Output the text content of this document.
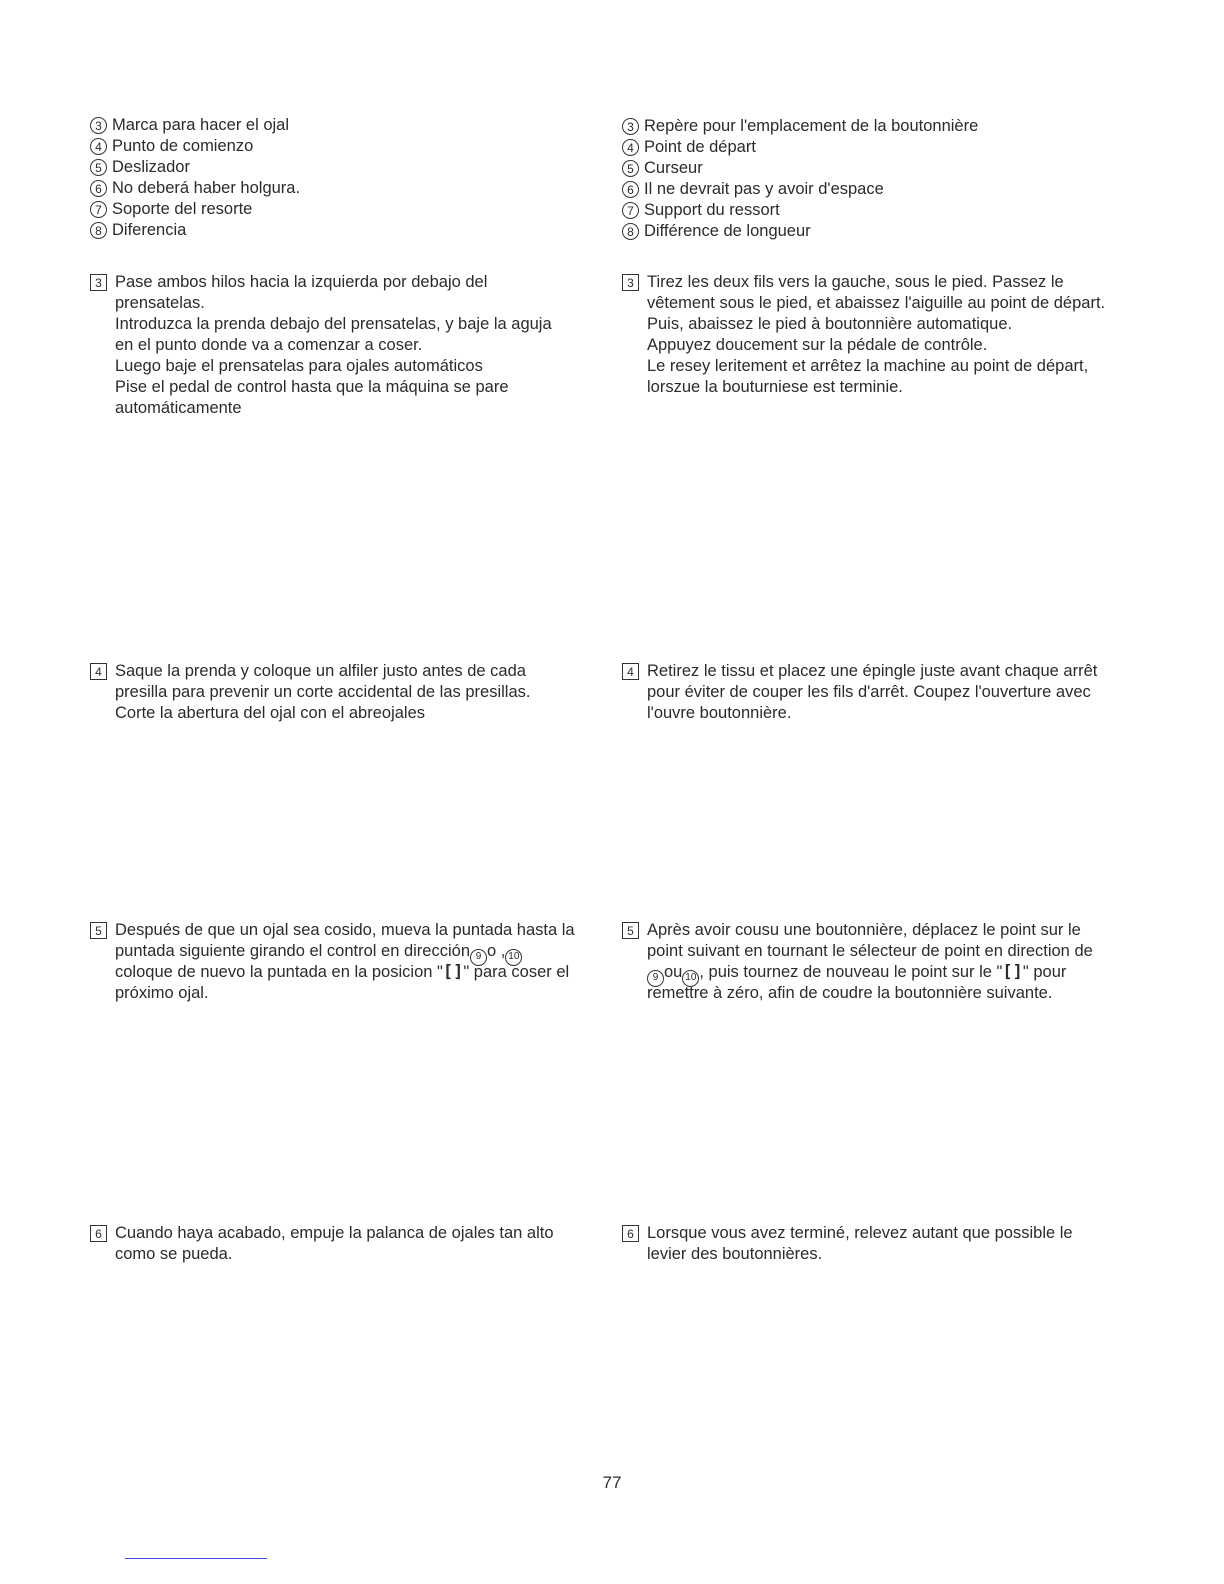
3 Marca para hacer el ojal
4 Punto de comienzo
5 Deslizador
6 No deberá haber holgura.
7 Soporte del resorte
8 Diferencia
3 Pase ambos hilos hacia la izquierda por debajo del
prensatelas.
Introduzca la prenda debajo del prensatelas, y baje la aguja
en el punto donde va a comenzar a coser.
Luego baje el prensatelas para ojales automáticos
Pise el pedal de control hasta que la máquina se pare
automáticamente
4 Saque la prenda y coloque un alfiler justo antes de cada
presilla para prevenir un corte accidental de las presillas.
Corte la abertura del ojal con el abreojales
5 Después de que un ojal sea cosido, mueva la puntada hasta la
puntada siguiente girando el control en dirección 9 o , 10
coloque de nuevo la puntada en la posicion "[]" para coser el
próximo ojal.
6 Cuando haya acabado, empuje la palanca de ojales tan alto
como se pueda.
3 Repère pour l'emplacement de la boutonnière
4 Point de départ
5 Curseur
6 Il ne devrait pas y avoir d'espace
7 Support du ressort
8 Différence de longueur
3 Tirez les deux fils vers la gauche, sous le pied. Passez le
vêtement sous le pied, et abaissez l'aiguille au point de départ.
Puis, abaissez le pied à boutonnière automatique.
Appuyez doucement sur la pédale de contrôle.
Le resey leritement et arrêtez la machine au point de départ,
lorszue la bouturniese est terminie.
4 Retirez le tissu et placez une épingle juste avant chaque arrêt
pour éviter de couper les fils d'arrêt. Coupez l'ouverture avec
l'ouvre boutonnière.
5 Après avoir cousu une boutonnière, déplacez le point sur le
point suivant en tournant le sélecteur de point en direction de
9 ou 10 , puis tournez de nouveau le point sur le "[]" pour
remettre à zéro, afin de coudre la boutonnière suivante.
6 Lorsque vous avez terminé, relevez autant que possible le
levier des boutonnières.
77
